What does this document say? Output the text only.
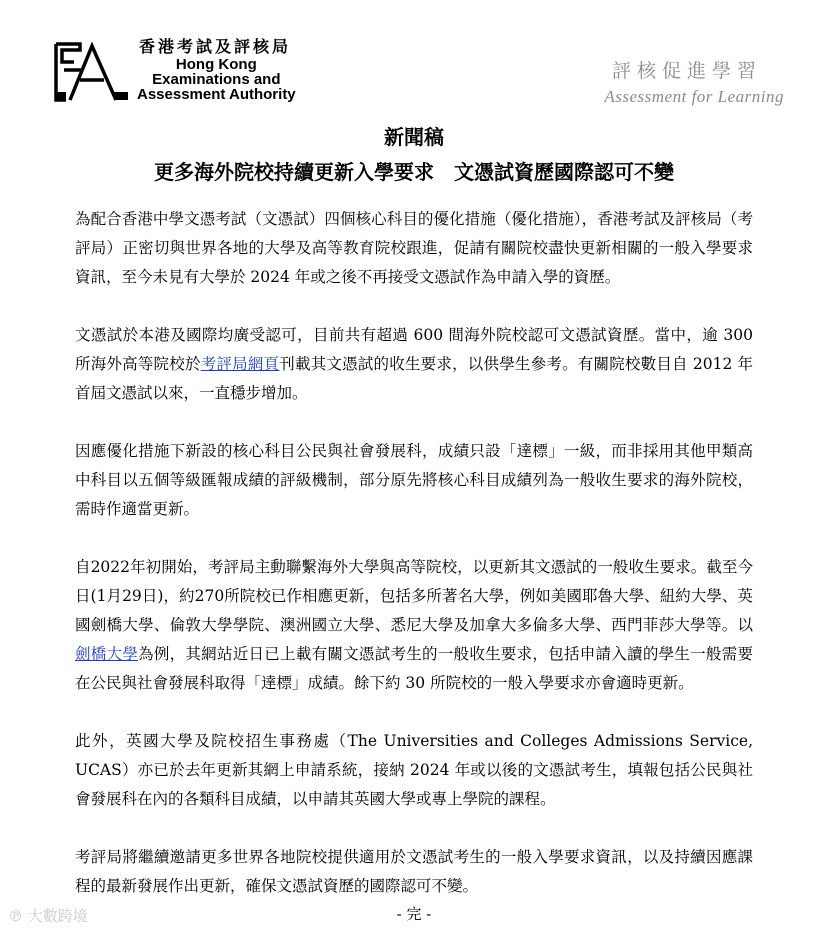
香港考試及評核局
Hong Kong
Examinations and
Assessment Authority
評核促進學習
Assessment for Learning
新聞稿
更多海外院校持續更新入學要求　文憑試資歷國際認可不變

為配合香港中學文憑考試（文憑試）四個核心科目的優化措施（優化措施），香港考試及評核局（考評局）正密切與世界各地的大學及高等教育院校跟進，促請有關院校盡快更新相關的一般入學要求資訊，至今未見有大學於 2024 年或之後不再接受文憑試作為申請入學的資歷。

文憑試於本港及國際均廣受認可，目前共有超過 600 間海外院校認可文憑試資歷。當中，逾 300 所海外高等院校於考評局網頁刊載其文憑試的收生要求，以供學生參考。有關院校數目自 2012 年首屆文憑試以來，一直穩步增加。

因應優化措施下新設的核心科目公民與社會發展科，成績只設「達標」一級，而非採用其他甲類高中科目以五個等級匯報成績的評級機制，部分原先將核心科目成績列為一般收生要求的海外院校，需時作適當更新。

自2022年初開始，考評局主動聯繫海外大學與高等院校，以更新其文憑試的一般收生要求。截至今日(1月29日)，約270所院校已作相應更新，包括多所著名大學，例如美國耶魯大學、紐約大學、英國劍橋大學、倫敦大學學院、澳洲國立大學、悉尼大學及加拿大多倫多大學、西門菲莎大學等。以劍橋大學為例，其網站近日已上載有關文憑試考生的一般收生要求，包括申請入讀的學生一般需要在公民與社會發展科取得「達標」成績。餘下約 30 所院校的一般入學要求亦會適時更新。

此外，英國大學及院校招生事務處（The Universities and Colleges Admissions Service, UCAS）亦已於去年更新其網上申請系統，接納 2024 年或以後的文憑試考生，填報包括公民與社會發展科在內的各類科目成績，以申請其英國大學或專上學院的課程。

考評局將繼續邀請更多世界各地院校提供適用於文憑試考生的一般入學要求資訊，以及持續因應課程的最新發展作出更新，確保文憑試資歷的國際認可不變。

- 完 -
℗ 大數跨境
